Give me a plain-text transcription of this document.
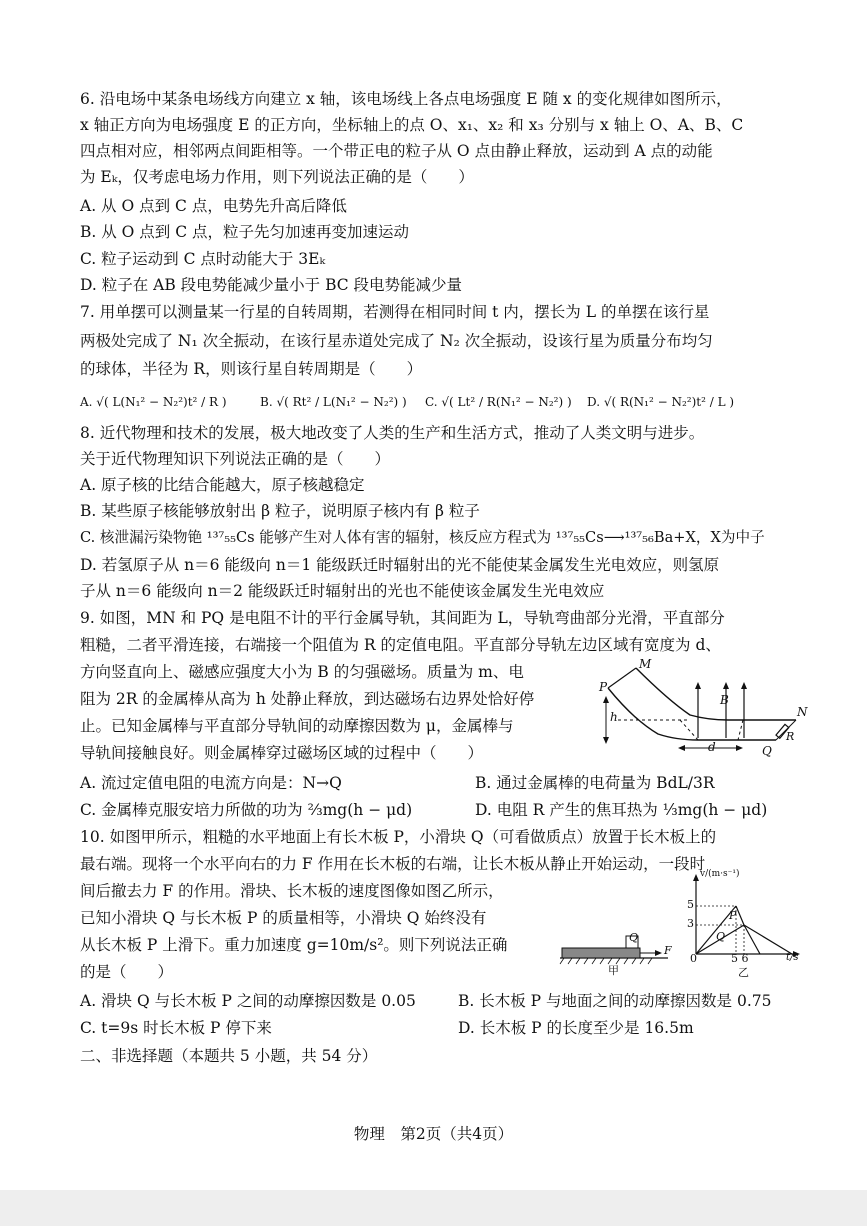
6. 沿电场中某条电场线方向建立 x 轴，该电场线上各点电场强度 E 随 x 的变化规律如图所示，
x 轴正方向为电场强度 E 的正方向，坐标轴上的点 O、x₁、x₂ 和 x₃ 分别与 x 轴上 O、A、B、C
四点相对应，相邻两点间距相等。一个带正电的粒子从 O 点由静止释放，运动到 A 点的动能
为 Eₖ，仅考虑电场力作用，则下列说法正确的是（　　）
A. 从 O 点到 C 点，电势先升高后降低
B. 从 O 点到 C 点，粒子先匀加速再变加速运动
C. 粒子运动到 C 点时动能大于 3Eₖ
D. 粒子在 AB 段电势能减少量小于 BC 段电势能减少量
7. 用单摆可以测量某一行星的自转周期，若测得在相同时间 t 内，摆长为 L 的单摆在该行星
两极处完成了 N₁ 次全振动，在该行星赤道处完成了 N₂ 次全振动，设该行星为质量分布均匀
的球体，半径为 R，则该行星自转周期是（　　）
A. √( L(N₁² − N₂²)t² / R )	B. √( Rt² / L(N₁² − N₂²) ) C. √( Lt² / R(N₁² − N₂²) ) D. √( R(N₁² − N₂²)t² / L )
8. 近代物理和技术的发展，极大地改变了人类的生产和生活方式，推动了人类文明与进步。
关于近代物理知识下列说法正确的是（　　）
A. 原子核的比结合能越大，原子核越稳定
B. 某些原子核能够放射出 β 粒子，说明原子核内有 β 粒子
C. 核泄漏污染物铯 ¹³⁷₅₅Cs 能够产生对人体有害的辐射，核反应方程式为 ¹³⁷₅₅Cs⟶¹³⁷₅₆Ba+X，X为中子
D. 若氢原子从 n＝6 能级向 n＝1 能级跃迁时辐射出的光不能使某金属发生光电效应，则氢原
子从 n＝6 能级向 n＝2 能级跃迁时辐射出的光也不能使该金属发生光电效应
9. 如图，MN 和 PQ 是电阻不计的平行金属导轨，其间距为 L，导轨弯曲部分光滑，平直部分
粗糙，二者平滑连接，右端接一个阻值为 R 的定值电阻。平直部分导轨左边区域有宽度为 d、
方向竖直向上、磁感应强度大小为 B 的匀强磁场。质量为 m、电
阻为 2R 的金属棒从高为 h 处静止释放，到达磁场右边界处恰好停
止。已知金属棒与平直部分导轨间的动摩擦因数为 μ，金属棒与
导轨间接触良好。则金属棒穿过磁场区域的过程中（　　）
M
N
P
Q
B
h
d
R
A. 流过定值电阻的电流方向是：N→Q	B. 通过金属棒的电荷量为 BdL/3R
C. 金属棒克服安培力所做的功为 ⅔mg(h − μd)	D. 电阻 R 产生的焦耳热为 ⅓mg(h − μd)
10. 如图甲所示，粗糙的水平地面上有长木板 P，小滑块 Q（可看做质点）放置于长木板上的
最右端。现将一个水平向右的力 F 作用在长木板的右端，让长木板从静止开始运动，一段时
间后撤去力 F 的作用。滑块、长木板的速度图像如图乙所示，
已知小滑块 Q 与长木板 P 的质量相等，小滑块 Q 始终没有
从长木板 P 上滑下。重力加速度 g=10m/s²。则下列说法正确
的是（　　）
Q
F
甲
v/(m·s⁻¹)
t/s
5
3
0	5 6
P
Q
乙
A. 滑块 Q 与长木板 P 之间的动摩擦因数是 0.05	B. 长木板 P 与地面之间的动摩擦因数是 0.75
C. t=9s 时长木板 P 停下来	D. 长木板 P 的长度至少是 16.5m
二、非选择题（本题共 5 小题，共 54 分）
物理　第2页（共4页）
